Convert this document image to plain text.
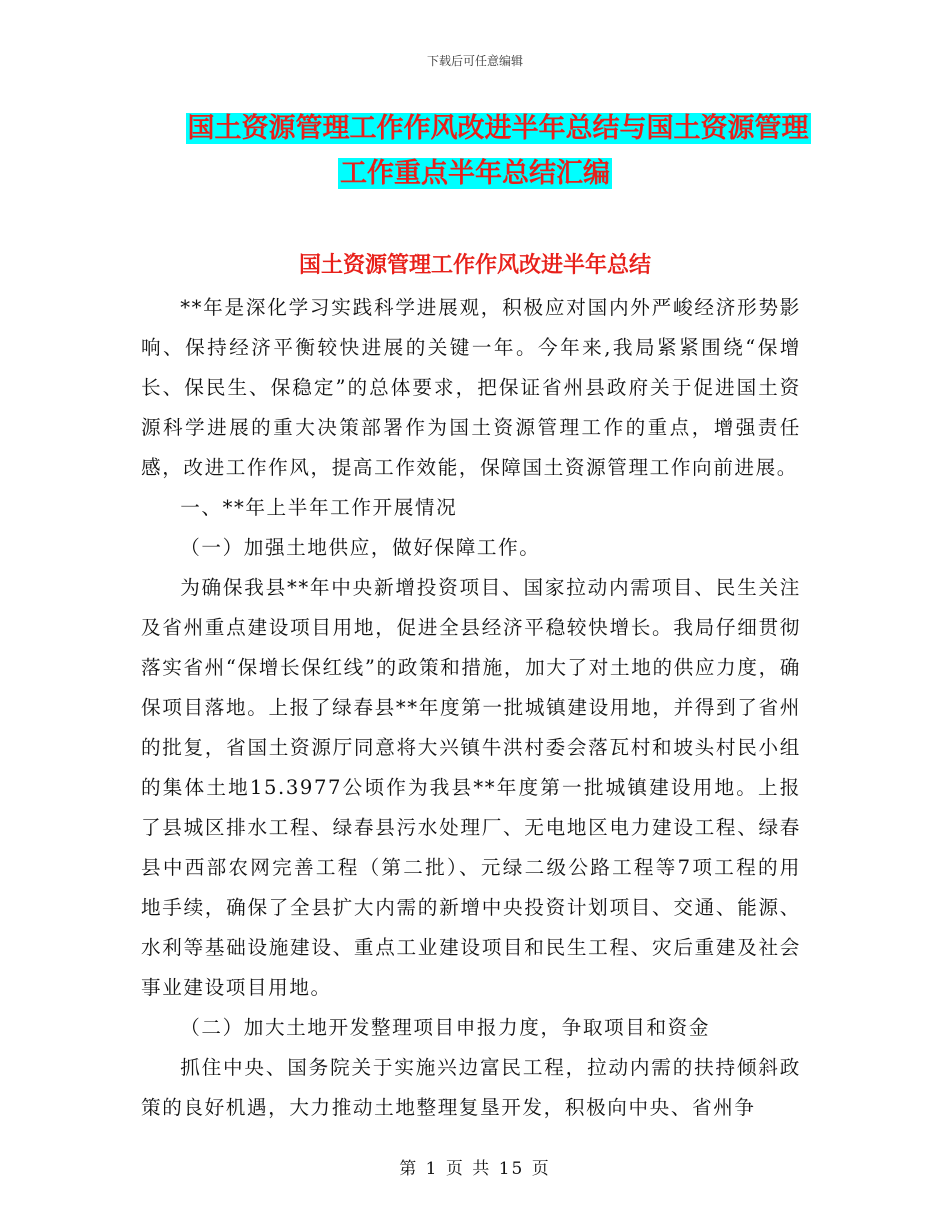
下载后可任意编辑
国土资源管理工作作风改进半年总结与国土资源管理
工作重点半年总结汇编
国土资源管理工作作风改进半年总结

**年是深化学习实践科学进展观，积极应对国内外严峻经济形势影响、保持经济平衡较快进展的关键一年。今年来,我局紧紧围绕“保增长、保民生、保稳定”的总体要求，把保证省州县政府关于促进国土资源科学进展的重大决策部署作为国土资源管理工作的重点，增强责任感，改进工作作风，提高工作效能，保障国土资源管理工作向前进展。

一、**年上半年工作开展情况

（一）加强土地供应，做好保障工作。

为确保我县**年中央新增投资项目、国家拉动内需项目、民生关注及省州重点建设项目用地，促进全县经济平稳较快增长。我局仔细贯彻落实省州“保增长保红线”的政策和措施，加大了对土地的供应力度，确保项目落地。上报了绿春县**年度第一批城镇建设用地，并得到了省州的批复，省国土资源厅同意将大兴镇牛洪村委会落瓦村和坡头村民小组的集体土地15.3977公顷作为我县**年度第一批城镇建设用地。上报了县城区排水工程、绿春县污水处理厂、无电地区电力建设工程、绿春县中西部农网完善工程（第二批）、元绿二级公路工程等7项工程的用地手续，确保了全县扩大内需的新增中央投资计划项目、交通、能源、水利等基础设施建设、重点工业建设项目和民生工程、灾后重建及社会事业建设项目用地。

（二）加大土地开发整理项目申报力度，争取项目和资金

抓住中央、国务院关于实施兴边富民工程，拉动内需的扶持倾斜政策的良好机遇，大力推动土地整理复垦开发，积极向中央、省州争

第 1 页 共 15 页
